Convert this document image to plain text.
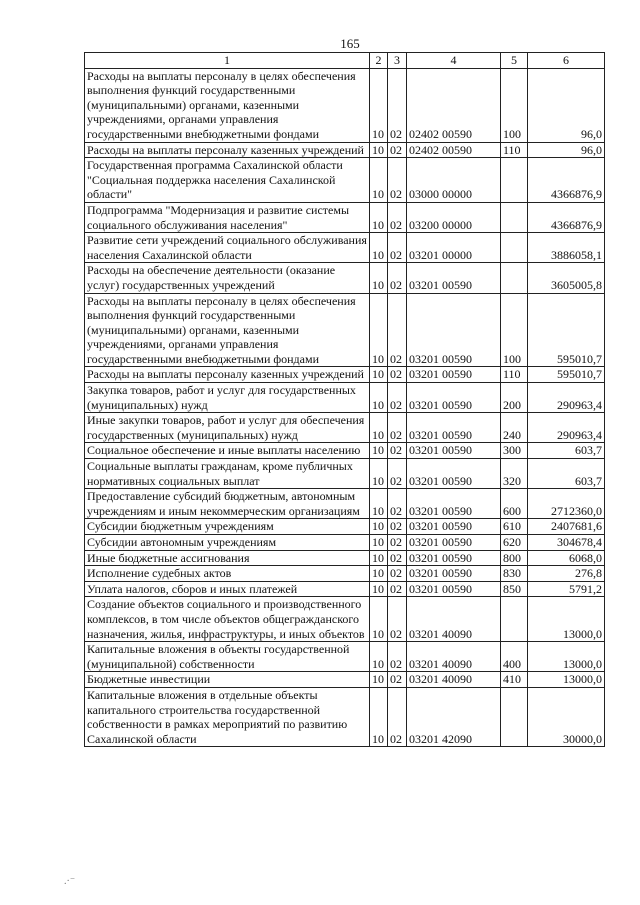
165
1	2	3	4	5	6
Расходы на выплаты персоналу в целях обеспечения выполнения функций государственными (муниципальными) органами, казенными учреждениями, органами управления государственными внебюджетными фондами	10	02	02402 00590	100	96,0
Расходы на выплаты персоналу казенных учреждений	10	02	02402 00590	110	96,0
Государственная программа Сахалинской области "Социальная поддержка населения Сахалинской области"	10	02	03000 00000		4366876,9
Подпрограмма "Модернизация и развитие системы социального обслуживания населения"	10	02	03200 00000		4366876,9
Развитие сети учреждений социального обслуживания населения Сахалинской области	10	02	03201 00000		3886058,1
Расходы на обеспечение деятельности (оказание услуг) государственных учреждений	10	02	03201 00590		3605005,8
Расходы на выплаты персоналу в целях обеспечения выполнения функций государственными (муниципальными) органами, казенными учреждениями, органами управления государственными внебюджетными фондами	10	02	03201 00590	100	595010,7
Расходы на выплаты персоналу казенных учреждений	10	02	03201 00590	110	595010,7
Закупка товаров, работ и услуг для государственных (муниципальных) нужд	10	02	03201 00590	200	290963,4
Иные закупки товаров, работ и услуг для обеспечения государственных (муниципальных) нужд	10	02	03201 00590	240	290963,4
Социальное обеспечение и иные выплаты населению	10	02	03201 00590	300	603,7
Социальные выплаты гражданам, кроме публичных нормативных социальных выплат	10	02	03201 00590	320	603,7
Предоставление субсидий бюджетным, автономным учреждениям и иным некоммерческим организациям	10	02	03201 00590	600	2712360,0
Субсидии бюджетным учреждениям	10	02	03201 00590	610	2407681,6
Субсидии автономным учреждениям	10	02	03201 00590	620	304678,4
Иные бюджетные ассигнования	10	02	03201 00590	800	6068,0
Исполнение судебных актов	10	02	03201 00590	830	276,8
Уплата налогов, сборов и иных платежей	10	02	03201 00590	850	5791,2
Создание объектов социального и производственного комплексов, в том числе объектов общегражданского назначения, жилья, инфраструктуры, и иных объектов	10	02	03201 40090		13000,0
Капитальные вложения в объекты государственной (муниципальной) собственности	10	02	03201 40090	400	13000,0
Бюджетные инвестиции	10	02	03201 40090	410	13000,0
Капитальные вложения в отдельные объекты капитального строительства государственной собственности в рамках мероприятий по развитию Сахалинской области	10	02	03201 42090		30000,0
.·⁻
